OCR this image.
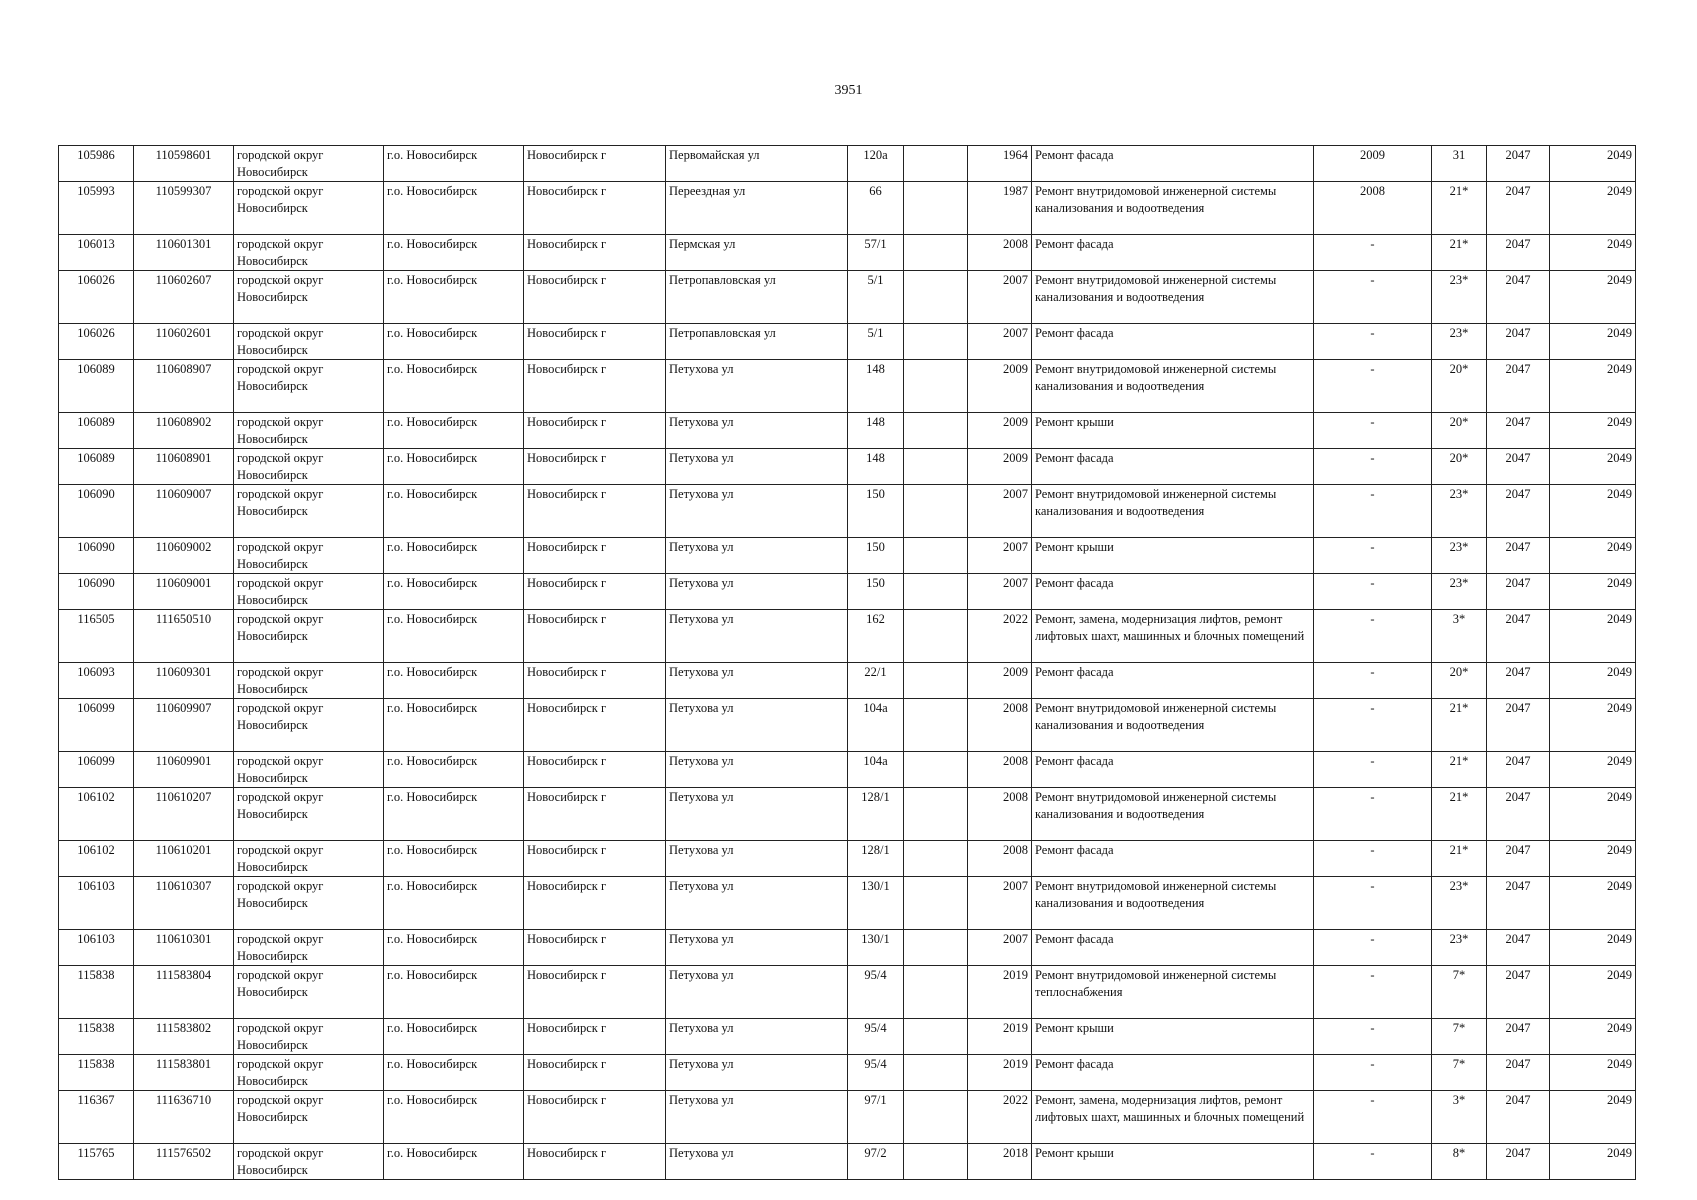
3951
105986	110598601	городской округ Новосибирск	г.о. Новосибирск	Новосибирск г	Первомайская ул	120а		1964	Ремонт фасада	2009	31	2047	2049
105993	110599307	городской округ Новосибирск	г.о. Новосибирск	Новосибирск г	Переездная ул	66		1987	Ремонт внутридомовой инженерной системы канализования и водоотведения	2008	21*	2047	2049
106013	110601301	городской округ Новосибирск	г.о. Новосибирск	Новосибирск г	Пермская ул	57/1		2008	Ремонт фасада	-	21*	2047	2049
106026	110602607	городской округ Новосибирск	г.о. Новосибирск	Новосибирск г	Петропавловская ул	5/1		2007	Ремонт внутридомовой инженерной системы канализования и водоотведения	-	23*	2047	2049
106026	110602601	городской округ Новосибирск	г.о. Новосибирск	Новосибирск г	Петропавловская ул	5/1		2007	Ремонт фасада	-	23*	2047	2049
106089	110608907	городской округ Новосибирск	г.о. Новосибирск	Новосибирск г	Петухова ул	148		2009	Ремонт внутридомовой инженерной системы канализования и водоотведения	-	20*	2047	2049
106089	110608902	городской округ Новосибирск	г.о. Новосибирск	Новосибирск г	Петухова ул	148		2009	Ремонт крыши	-	20*	2047	2049
106089	110608901	городской округ Новосибирск	г.о. Новосибирск	Новосибирск г	Петухова ул	148		2009	Ремонт фасада	-	20*	2047	2049
106090	110609007	городской округ Новосибирск	г.о. Новосибирск	Новосибирск г	Петухова ул	150		2007	Ремонт внутридомовой инженерной системы канализования и водоотведения	-	23*	2047	2049
106090	110609002	городской округ Новосибирск	г.о. Новосибирск	Новосибирск г	Петухова ул	150		2007	Ремонт крыши	-	23*	2047	2049
106090	110609001	городской округ Новосибирск	г.о. Новосибирск	Новосибирск г	Петухова ул	150		2007	Ремонт фасада	-	23*	2047	2049
116505	111650510	городской округ Новосибирск	г.о. Новосибирск	Новосибирск г	Петухова ул	162		2022	Ремонт, замена, модернизация лифтов, ремонт лифтовых шахт, машинных и блочных помещений	-	3*	2047	2049
106093	110609301	городской округ Новосибирск	г.о. Новосибирск	Новосибирск г	Петухова ул	22/1		2009	Ремонт фасада	-	20*	2047	2049
106099	110609907	городской округ Новосибирск	г.о. Новосибирск	Новосибирск г	Петухова ул	104а		2008	Ремонт внутридомовой инженерной системы канализования и водоотведения	-	21*	2047	2049
106099	110609901	городской округ Новосибирск	г.о. Новосибирск	Новосибирск г	Петухова ул	104а		2008	Ремонт фасада	-	21*	2047	2049
106102	110610207	городской округ Новосибирск	г.о. Новосибирск	Новосибирск г	Петухова ул	128/1		2008	Ремонт внутридомовой инженерной системы канализования и водоотведения	-	21*	2047	2049
106102	110610201	городской округ Новосибирск	г.о. Новосибирск	Новосибирск г	Петухова ул	128/1		2008	Ремонт фасада	-	21*	2047	2049
106103	110610307	городской округ Новосибирск	г.о. Новосибирск	Новосибирск г	Петухова ул	130/1		2007	Ремонт внутридомовой инженерной системы канализования и водоотведения	-	23*	2047	2049
106103	110610301	городской округ Новосибирск	г.о. Новосибирск	Новосибирск г	Петухова ул	130/1		2007	Ремонт фасада	-	23*	2047	2049
115838	111583804	городской округ Новосибирск	г.о. Новосибирск	Новосибирск г	Петухова ул	95/4		2019	Ремонт внутридомовой инженерной системы теплоснабжения	-	7*	2047	2049
115838	111583802	городской округ Новосибирск	г.о. Новосибирск	Новосибирск г	Петухова ул	95/4		2019	Ремонт крыши	-	7*	2047	2049
115838	111583801	городской округ Новосибирск	г.о. Новосибирск	Новосибирск г	Петухова ул	95/4		2019	Ремонт фасада	-	7*	2047	2049
116367	111636710	городской округ Новосибирск	г.о. Новосибирск	Новосибирск г	Петухова ул	97/1		2022	Ремонт, замена, модернизация лифтов, ремонт лифтовых шахт, машинных и блочных помещений	-	3*	2047	2049
115765	111576502	городской округ Новосибирск	г.о. Новосибирск	Новосибирск г	Петухова ул	97/2		2018	Ремонт крыши	-	8*	2047	2049
